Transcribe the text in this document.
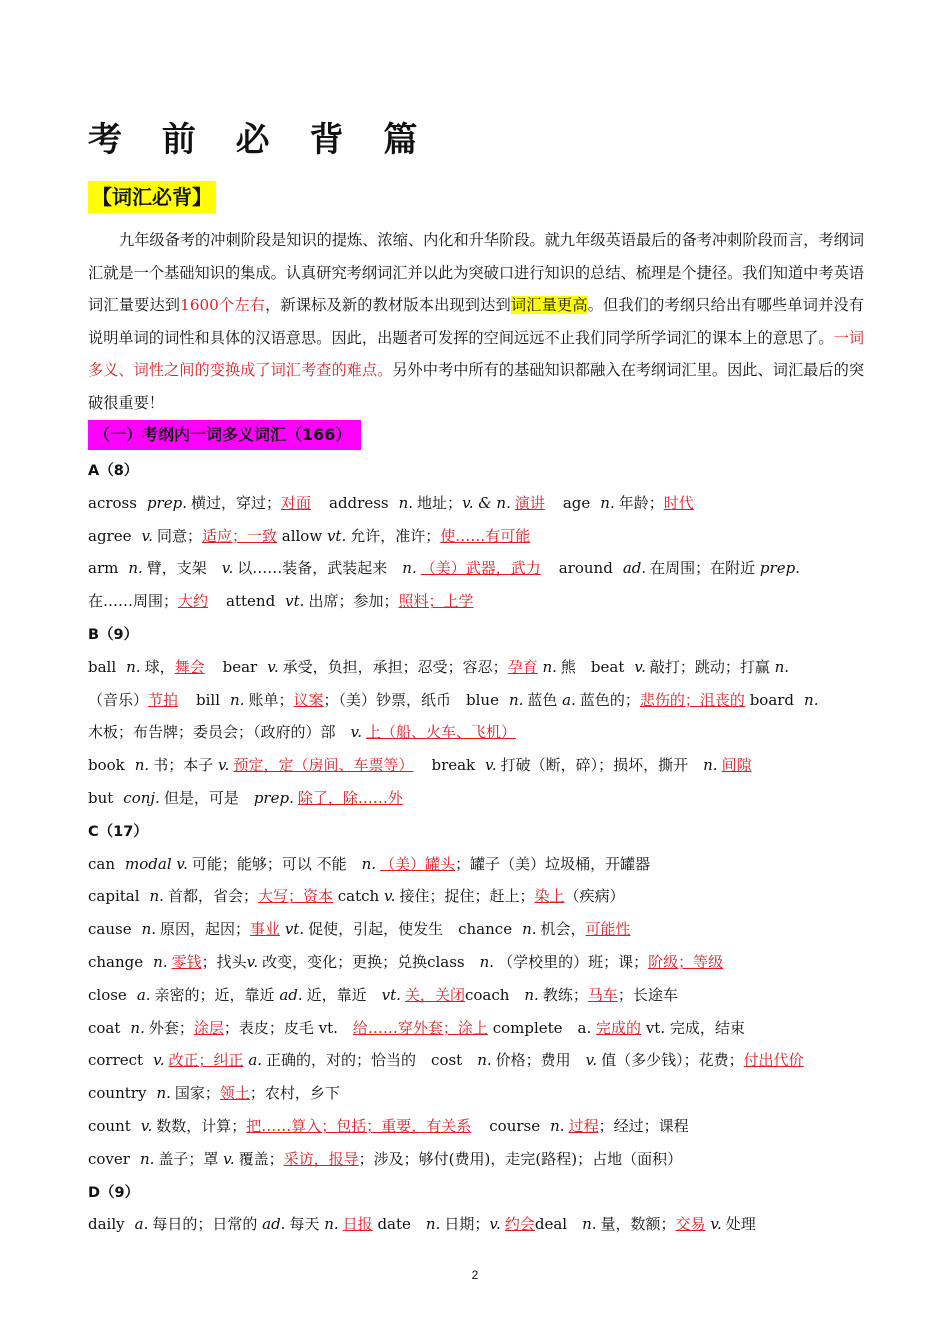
考 前 必 背 篇
【词汇必背】
九年级备考的冲刺阶段是知识的提炼、浓缩、内化和升华阶段。就九年级英语最后的备考冲刺阶段而言，考纲词汇就是一个基础知识的集成。认真研究考纲词汇并以此为突破口进行知识的总结、梳理是个捷径。我们知道中考英语词汇量要达到1600个左右，新课标及新的教材版本出现到达到词汇量更高。但我们的考纲只给出有哪些单词并没有说明单词的词性和具体的汉语意思。因此，出题者可发挥的空间远远不止我们同学所学词汇的课本上的意思了。一词多义、词性之间的变换成了词汇考查的难点。另外中考中所有的基础知识都融入在考纲词汇里。因此、词汇最后的突破很重要！
（一）考纲内一词多义词汇（166）
A（8）
across prep. 横过，穿过；对面 address n. 地址；v. & n. 演讲 age n. 年龄；时代
agree v. 同意；适应；一致 allow vt. 允许，准许；使……有可能
arm n. 臂，支架　v. 以……装备，武装起来　n. （美）武器，武力 around ad. 在周围；在附近 prep.
在……周围；大约 attend vt. 出席；参加；照料；上学
B（9）
ball n. 球，舞会 bear v. 承受，负担，承担；忍受；容忍；孕育 n. 熊　beat v. 敲打；跳动；打赢 n.
（音乐）节拍 bill n. 账单；议案；（美）钞票，纸币　blue n. 蓝色 a. 蓝色的；悲伤的；沮丧的 board n.
木板；布告牌；委员会；（政府的）部　v. 上（船、火车、飞机）
book n. 书；本子 v. 预定，定（房间、车票等） break v. 打破（断，碎）；损坏，撕开　n. 间隙
but conj. 但是，可是　prep. 除了，除……外
C（17）
can modal v. 可能；能够；可以 不能　n. （美）罐头；罐子（美）垃圾桶，开罐器
capital n. 首都，省会；大写；资本 catch v. 接住；捉住；赶上；染上（疾病）
cause n. 原因，起因；事业 vt. 促使，引起，使发生　chance n. 机会，可能性
change n. 零钱；找头v. 改变，变化；更换；兑换class　n. （学校里的）班；课；阶级；等级
close a. 亲密的；近，靠近 ad. 近，靠近　vt. 关，关闭coach　n. 教练；马车；长途车
coat n. 外套；涂层；表皮；皮毛 vt.　给……穿外套；涂上 complete　a. 完成的 vt. 完成，结束
correct v. 改正；纠正 a. 正确的，对的；恰当的　cost　n. 价格；费用　v. 值（多少钱）；花费；付出代价
country n. 国家；领土；农村，乡下
count v. 数数，计算；把……算入；包括；重要，有关系 course n. 过程；经过；课程
cover n. 盖子；罩 v. 覆盖；采访，报导；涉及；够付(费用)，走完(路程)；占地（面积）
D（9）
daily a. 每日的；日常的 ad. 每天 n. 日报 date　n. 日期；v. 约会deal　n. 量，数额；交易 v. 处理
2
